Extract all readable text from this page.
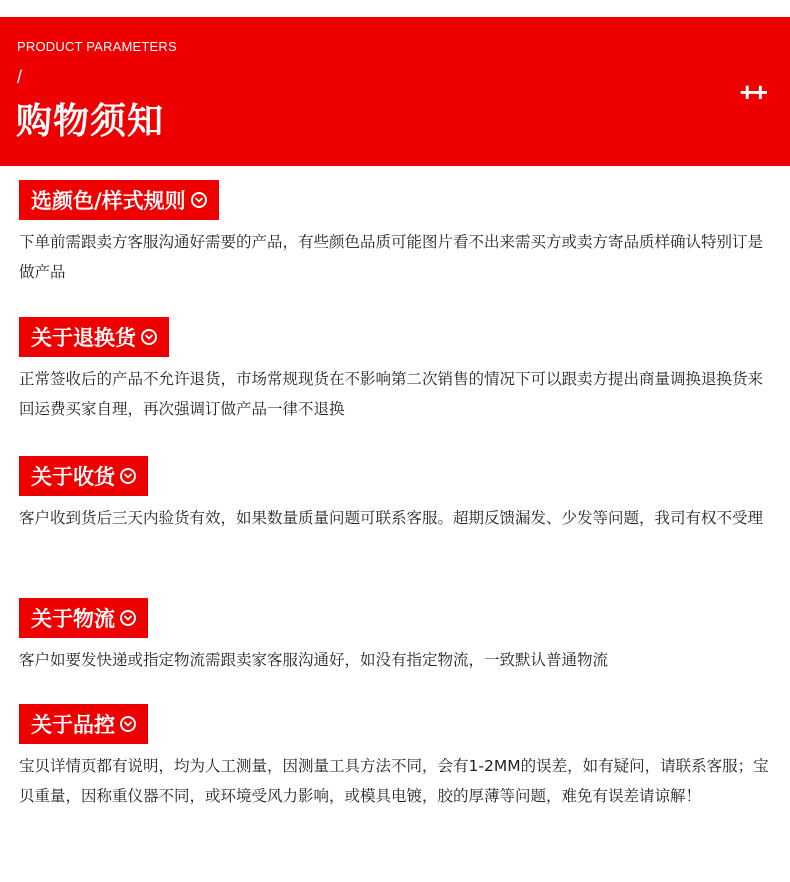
PRODUCT PARAMETERS
/
购物须知
++
选颜色/样式规则
下单前需跟卖方客服沟通好需要的产品，有些颜色品质可能图片看不出来需买方或卖方寄品质样确认特别订是做产品
关于退换货
正常签收后的产品不允许退货，市场常规现货在不影响第二次销售的情况下可以跟卖方提出商量调换退换货来回运费买家自理，再次强调订做产品一律不退换
关于收货
客户收到货后三天内验货有效，如果数量质量问题可联系客服。超期反馈漏发、少发等问题，我司有权不受理
关于物流
客户如要发快递或指定物流需跟卖家客服沟通好，如没有指定物流，一致默认普通物流
关于品控
宝贝详情页都有说明，均为人工测量，因测量工具方法不同，会有1-2MM的误差，如有疑问，请联系客服；宝贝重量，因称重仪器不同，或环境受风力影响，或模具电镀，胶的厚薄等问题，难免有误差请谅解！
